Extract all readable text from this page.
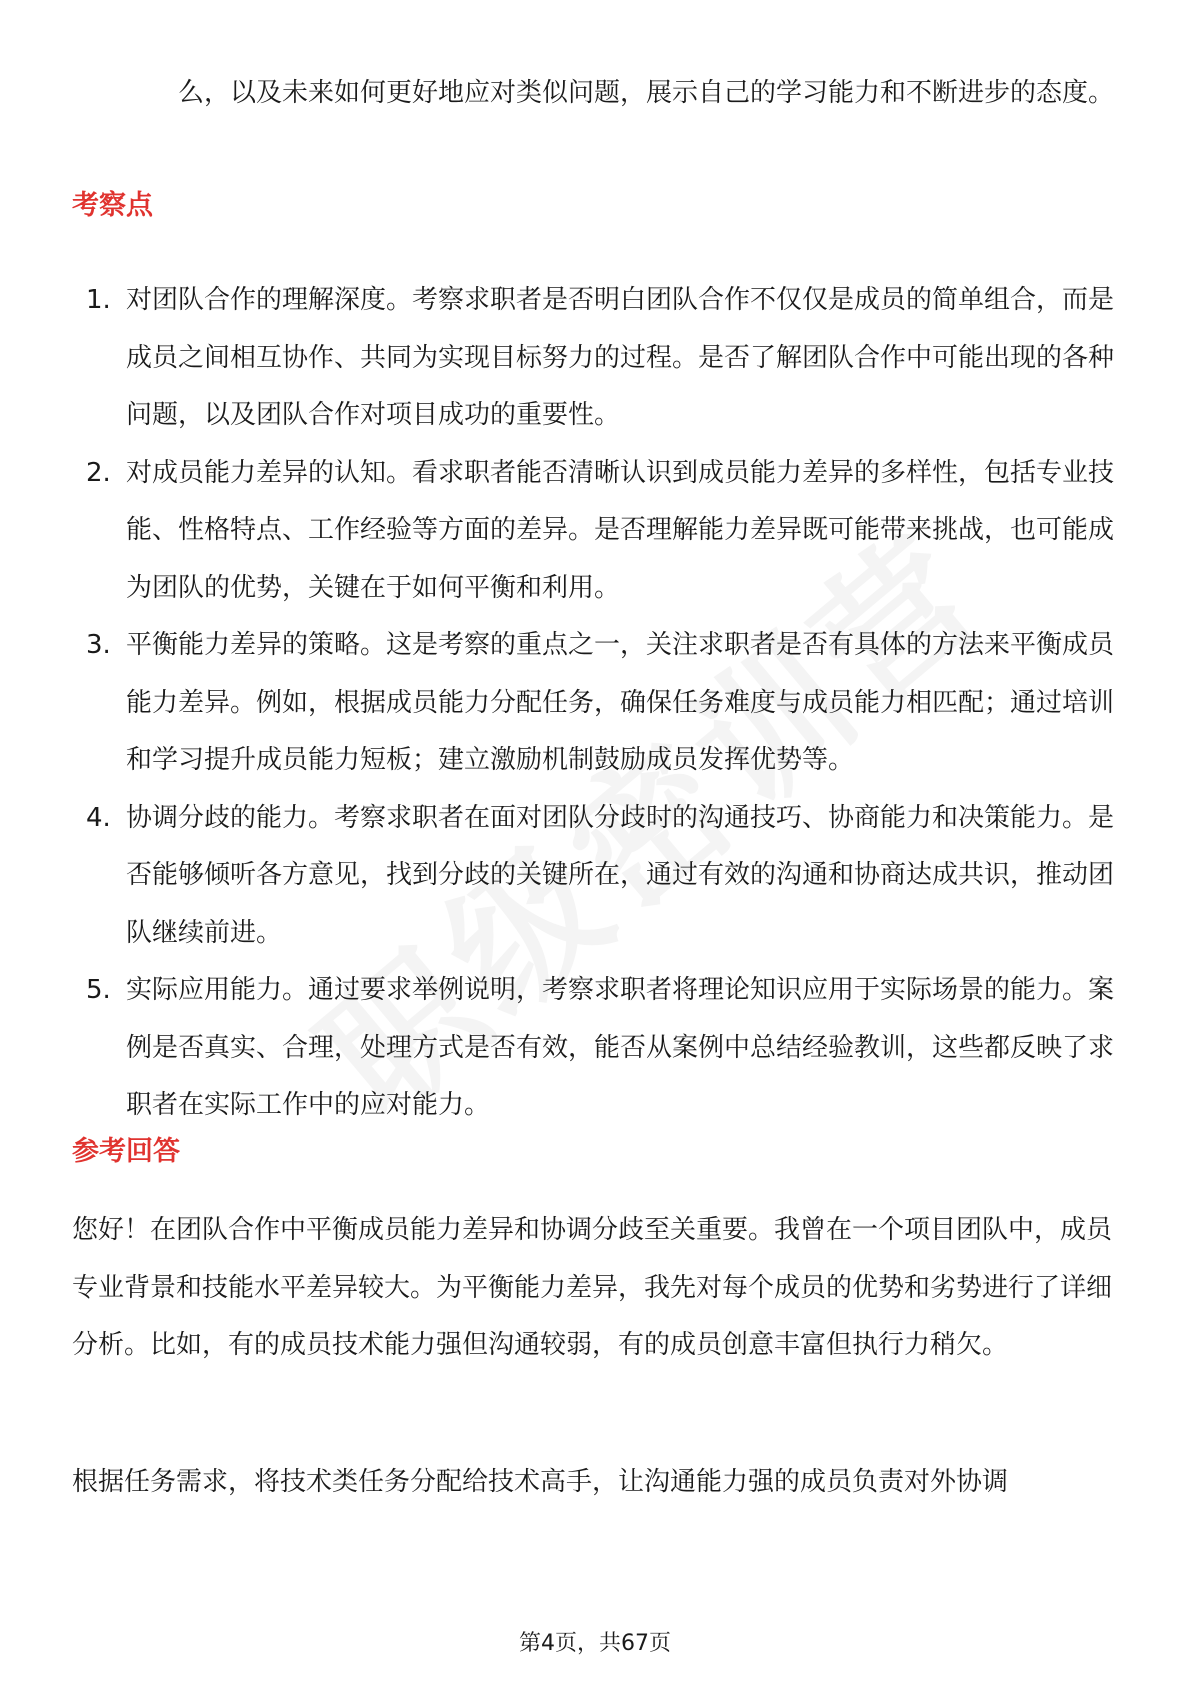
么，以及未来如何更好地应对类似问题，展示自己的学习能力和不断进步的态度。

考察点
1. 对团队合作的理解深度。考察求职者是否明白团队合作不仅仅是成员的简单组合，而是成员之间相互协作、共同为实现目标努力的过程。是否了解团队合作中可能出现的各种问题，以及团队合作对项目成功的重要性。
2. 对成员能力差异的认知。看求职者能否清晰认识到成员能力差异的多样性，包括专业技能、性格特点、工作经验等方面的差异。是否理解能力差异既可能带来挑战，也可能成为团队的优势，关键在于如何平衡和利用。
3. 平衡能力差异的策略。这是考察的重点之一，关注求职者是否有具体的方法来平衡成员能力差异。例如，根据成员能力分配任务，确保任务难度与成员能力相匹配；通过培训和学习提升成员能力短板；建立激励机制鼓励成员发挥优势等。
4. 协调分歧的能力。考察求职者在面对团队分歧时的沟通技巧、协商能力和决策能力。是否能够倾听各方意见，找到分歧的关键所在，通过有效的沟通和协商达成共识，推动团队继续前进。
5. 实际应用能力。通过要求举例说明，考察求职者将理论知识应用于实际场景的能力。案例是否真实、合理，处理方式是否有效，能否从案例中总结经验教训，这些都反映了求职者在实际工作中的应对能力。
参考回答

您好！在团队合作中平衡成员能力差异和协调分歧至关重要。我曾在一个项目团队中，成员专业背景和技能水平差异较大。为平衡能力差异，我先对每个成员的优势和劣势进行了详细分析。比如，有的成员技术能力强但沟通较弱，有的成员创意丰富但执行力稍欠。

根据任务需求，将技术类任务分配给技术高手，让沟通能力强的成员负责对外协调

第4页，共67页
